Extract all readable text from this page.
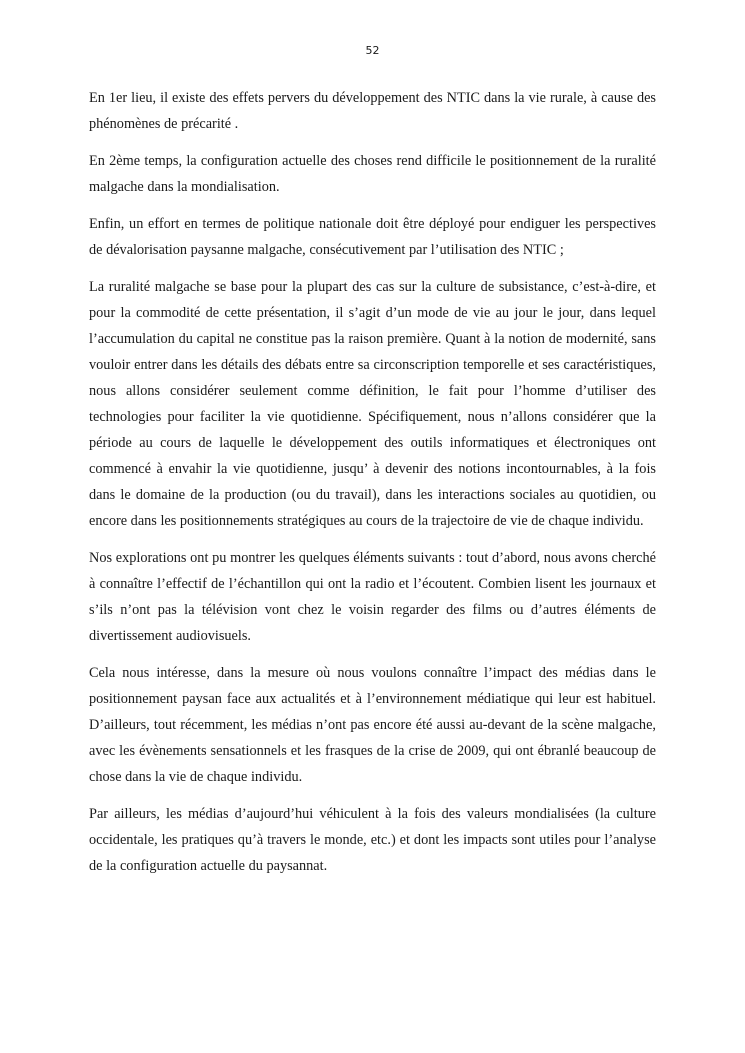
52

En 1er lieu, il existe des effets pervers du développement des NTIC dans la vie rurale, à cause des phénomènes de précarité .

En 2ème temps, la configuration actuelle des choses rend difficile le positionnement de la ruralité malgache dans la mondialisation.

Enfin, un effort en termes de politique nationale doit être déployé pour endiguer les perspectives de dévalorisation paysanne malgache, consécutivement par l’utilisation des NTIC ;

La ruralité malgache se base pour la plupart des cas sur la culture de subsistance, c’est-à-dire, et pour la commodité de cette présentation, il s’agit d’un mode de vie au jour le jour, dans lequel l’accumulation du capital ne constitue pas la raison première. Quant à la notion de modernité, sans vouloir entrer dans les détails des débats entre sa circonscription temporelle et ses caractéristiques, nous allons considérer seulement comme définition, le fait pour l’homme d’utiliser des technologies pour faciliter la vie quotidienne. Spécifiquement, nous n’allons considérer que la période au cours de laquelle le développement des outils informatiques et électroniques ont commencé à envahir la vie quotidienne, jusqu’ à devenir des notions incontournables, à la fois dans le domaine de la production (ou du travail), dans les interactions sociales au quotidien, ou encore dans les positionnements stratégiques au cours de la trajectoire de vie de chaque individu.

Nos explorations ont pu montrer les quelques éléments suivants : tout d’abord, nous avons cherché à connaître l’effectif de l’échantillon qui ont la radio et l’écoutent. Combien lisent les journaux et s’ils n’ont pas la télévision vont chez le voisin regarder des films ou d’autres éléments de divertissement audiovisuels.

Cela nous intéresse, dans la mesure où nous voulons connaître l’impact des médias dans le positionnement paysan face aux actualités et à l’environnement médiatique qui leur est habituel. D’ailleurs, tout récemment, les médias n’ont pas encore été aussi au-devant de la scène malgache, avec les évènements sensationnels et les frasques de la crise de 2009, qui ont ébranlé beaucoup de chose dans la vie de chaque individu.

Par ailleurs, les médias d’aujourd’hui véhiculent à la fois des valeurs mondialisées (la culture occidentale, les pratiques qu’à travers le monde, etc.) et dont les impacts sont utiles pour l’analyse de la configuration actuelle du paysannat.
